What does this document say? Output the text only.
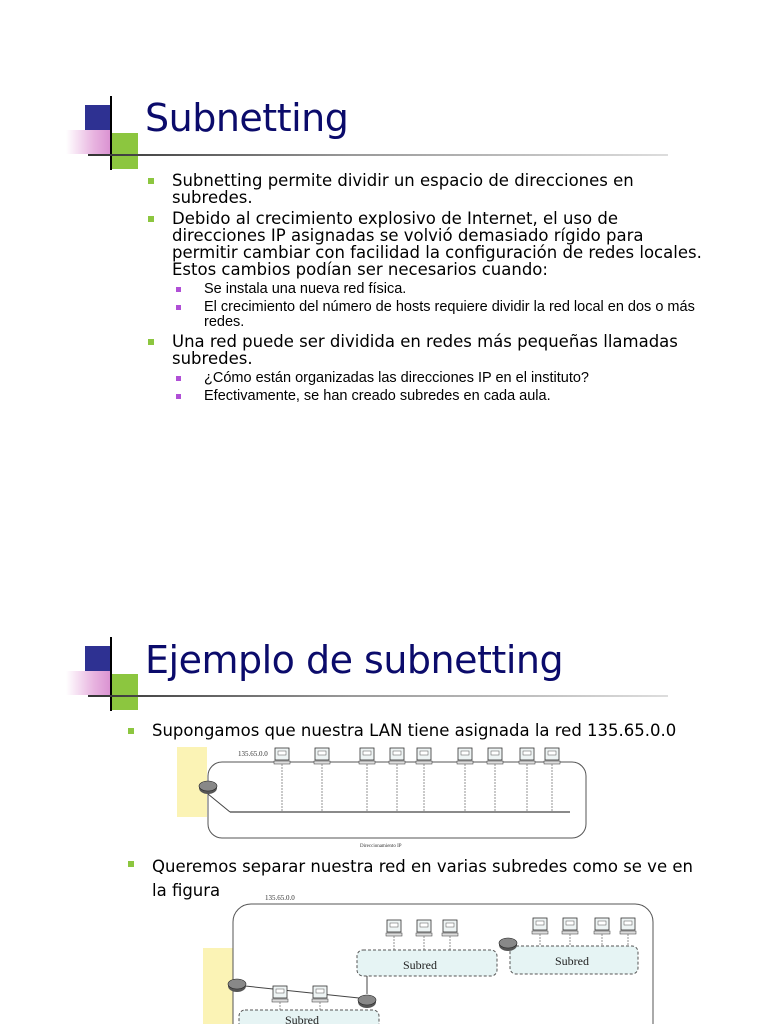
Subnetting
Subnetting permite dividir un espacio de direcciones en subredes.
Debido al crecimiento explosivo de Internet, el uso de direcciones IP asignadas se volvió demasiado rígido para permitir cambiar con facilidad la configuración de redes locales. Estos cambios podían ser necesarios cuando:
Se instala una nueva red física.
El crecimiento del número de hosts requiere dividir la red local en dos o más redes.
Una red puede ser dividida en redes más pequeñas llamadas subredes.
¿Cómo están organizadas las direcciones IP en el instituto?
Efectivamente, se han creado subredes en cada aula.
Ejemplo de subnetting
Supongamos que nuestra LAN tiene asignada la red 135.65.0.0
135.65.0.0
Direccionamiento IP
Queremos separar nuestra red en varias subredes como se ve en la figura	135.65.0.0
Subred	Subred
Subred
